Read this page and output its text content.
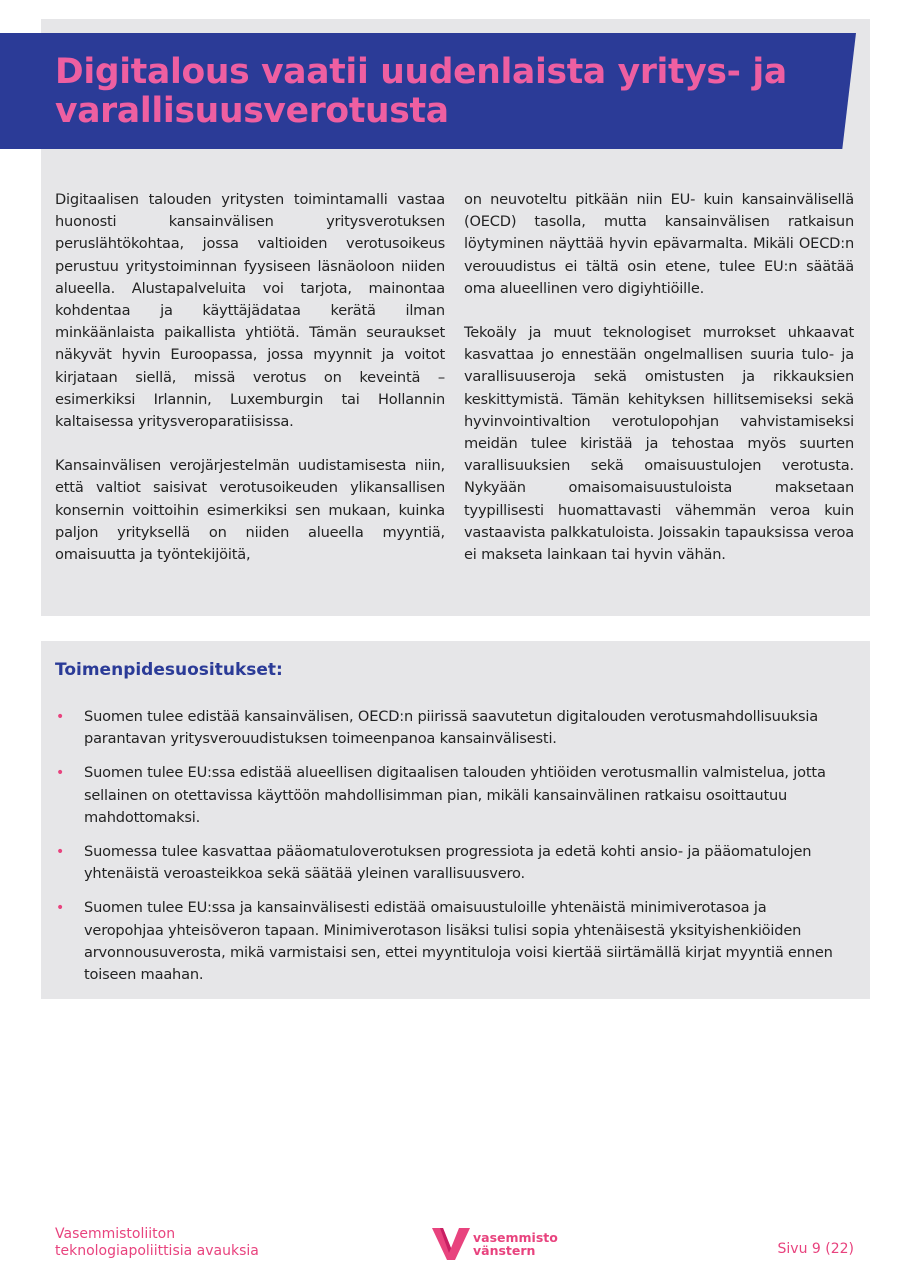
Digitalous vaatii uudenlaista yritys- ja varallisuusverotusta

Digitaalisen talouden yritysten toimintamalli vastaa huonosti kansainvälisen yritysverotuksen peruslähtökohtaa, jossa valtioiden verotusoikeus perustuu yritystoiminnan fyysiseen läsnäoloon niiden alueella. Alustapalveluita voi tarjota, mainontaa kohdentaa ja käyttäjädataa kerätä ilman minkäänlaista paikallista yhtiötä. Tämän seuraukset näkyvät hyvin Euroopassa, jossa myynnit ja voitot kirjataan siellä, missä verotus on keveintä – esimerkiksi Irlannin, Luxemburgin tai Hollannin kaltaisessa yritysveroparatiisissa.

Kansainvälisen verojärjestelmän uudistamisesta niin, että valtiot saisivat verotusoikeuden ylikansallisen konsernin voittoihin esimerkiksi sen mukaan, kuinka paljon yrityksellä on niiden alueella myyntiä, omaisuutta ja työntekijöitä,

on neuvoteltu pitkään niin EU- kuin kansainvälisellä (OECD) tasolla, mutta kansainvälisen ratkaisun löytyminen näyttää hyvin epävarmalta. Mikäli OECD:n verouudistus ei tältä osin etene, tulee EU:n säätää oma alueellinen vero digiyhtiöille.

Tekoäly ja muut teknologiset murrokset uhkaavat kasvattaa jo ennestään ongelmallisen suuria tulo- ja varallisuuseroja sekä omistusten ja rikkauksien keskittymistä. Tämän kehityksen hillitsemiseksi sekä hyvinvointivaltion verotulopohjan vahvistamiseksi meidän tulee kiristää ja tehostaa myös suurten varallisuuksien sekä omaisuustulojen verotusta. Nykyään omaisomaisuustuloista maksetaan tyypillisesti huomattavasti vähemmän veroa kuin vastaavista palkkatuloista. Joissakin tapauksissa veroa ei makseta lainkaan tai hyvin vähän.

Toimenpidesuositukset:
• Suomen tulee edistää kansainvälisen, OECD:n piirissä saavutetun digitalouden verotusmahdollisuuksia parantavan yritysverouudistuksen toimeenpanoa kansainvälisesti.
• Suomen tulee EU:ssa edistää alueellisen digitaalisen talouden yhtiöiden verotusmallin valmistelua, jotta sellainen on otettavissa käyttöön mahdollisimman pian, mikäli kansainvälinen ratkaisu osoittautuu mahdottomaksi.
• Suomessa tulee kasvattaa pääomatuloverotuksen progressiota ja edetä kohti ansio- ja pääomatulojen yhtenäistä veroasteikkoa sekä säätää yleinen varallisuusvero.
• Suomen tulee EU:ssa ja kansainvälisesti edistää omaisuustuloille yhtenäistä minimiverotasoa ja veropohjaa yhteisöveron tapaan. Minimiverotason lisäksi tulisi sopia yhtenäisestä yksityishenkiöiden arvonnousuverosta, mikä varmistaisi sen, ettei myyntituloja voisi kiertää siirtämällä kirjat myyntiä ennen toiseen maahan.
Vasemmistoliiton
teknologiapoliittisia avauksia
vasemmisto
vänstern	Sivu 9 (22)
